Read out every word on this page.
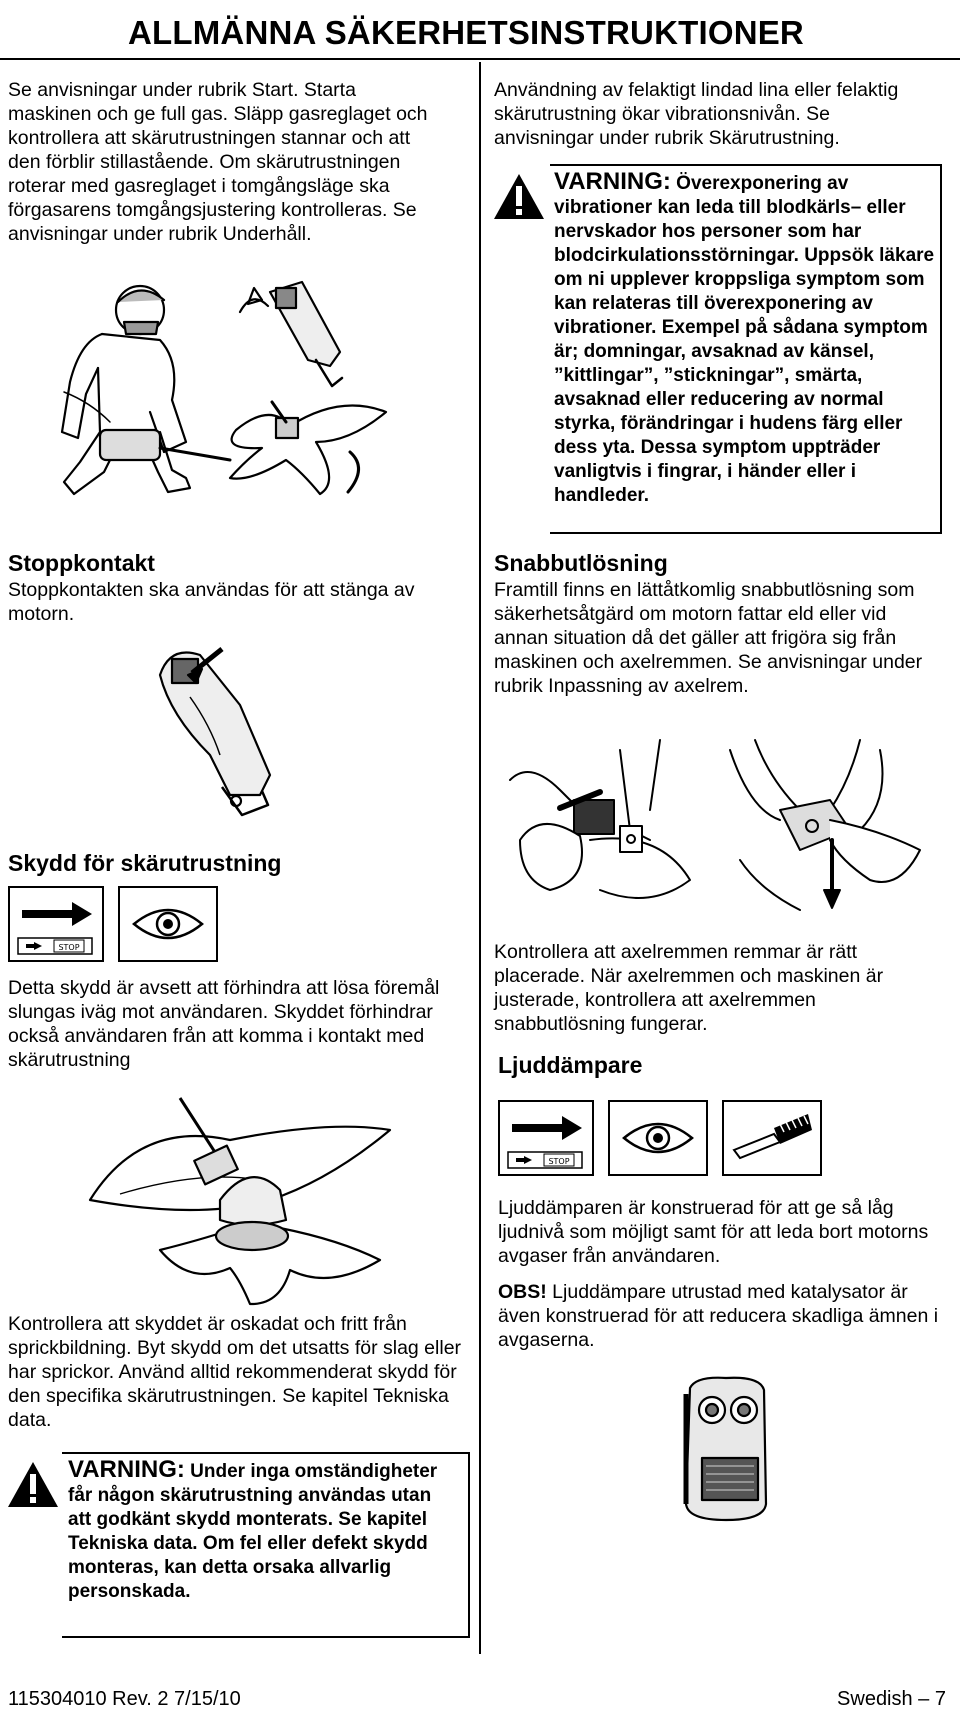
ALLMÄNNA SÄKERHETSINSTRUKTIONER

Se anvisningar under rubrik Start. Starta maskinen och ge full gas. Släpp gasreglaget och kontrollera att skärutrustningen stannar och att den förblir stillastående. Om skärutrustningen roterar med gasreglaget i tomgångsläge ska förgasarens tomgångsjustering kontrolleras. Se anvisningar under rubrik Underhåll.

Stoppkontakt

Stoppkontakten ska användas för att stänga av motorn.

Skydd för skärutrustning
STOP

Detta skydd är avsett att förhindra att lösa föremål slungas iväg mot användaren. Skyddet förhindrar också användaren från att komma i kontakt med skärutrustning

Kontrollera att skyddet är oskadat och fritt från sprickbildning. Byt skydd om det utsatts för slag eller har sprickor. Använd alltid rekommenderat skydd för den specifika skärutrustningen. Se kapitel Tekniska data.

VARNING: Under inga omständigheter får någon skärutrustning användas utan att godkänt skydd monterats. Se kapitel Tekniska data. Om fel eller defekt skydd monteras, kan detta orsaka allvarlig personskada.

Användning av felaktigt lindad lina eller felaktig skärutrustning ökar vibrationsnivån. Se anvisningar under rubrik Skärutrustning.

VARNING: Överexponering av vibrationer kan leda till blodkärls– eller nervskador hos personer som har blodcirkulationsstörningar. Uppsök läkare om ni upplever kroppsliga symptom som kan relateras till överexponering av vibrationer. Exempel på sådana symptom är; domningar, avsaknad av känsel, ”kittlingar”, ”stickningar”, smärta, avsaknad eller reducering av normal styrka, förändringar i hudens färg eller dess yta. Dessa symptom uppträder vanligtvis i fingrar, i händer eller i handleder.
Snabbutlösning

Framtill finns en lättåtkomlig snabbutlösning som säkerhetsåtgärd om motorn fattar eld eller vid annan situation då det gäller att frigöra sig från maskinen och axelremmen. Se anvisningar under rubrik Inpassning av axelrem.

Kontrollera att axelremmen remmar är rätt placerade. När axelremmen och maskinen är justerade, kontrollera att axelremmen snabbutlösning fungerar.

Ljuddämpare
STOP

Ljuddämparen är konstruerad för att ge så låg ljudnivå som möjligt samt för att leda bort motorns avgaser från användaren.

OBS! Ljuddämpare utrustad med katalysator är även konstruerad för att reducera skadliga ämnen i avgaserna.

115304010 Rev. 2 7/15/10	Swedish – 7
